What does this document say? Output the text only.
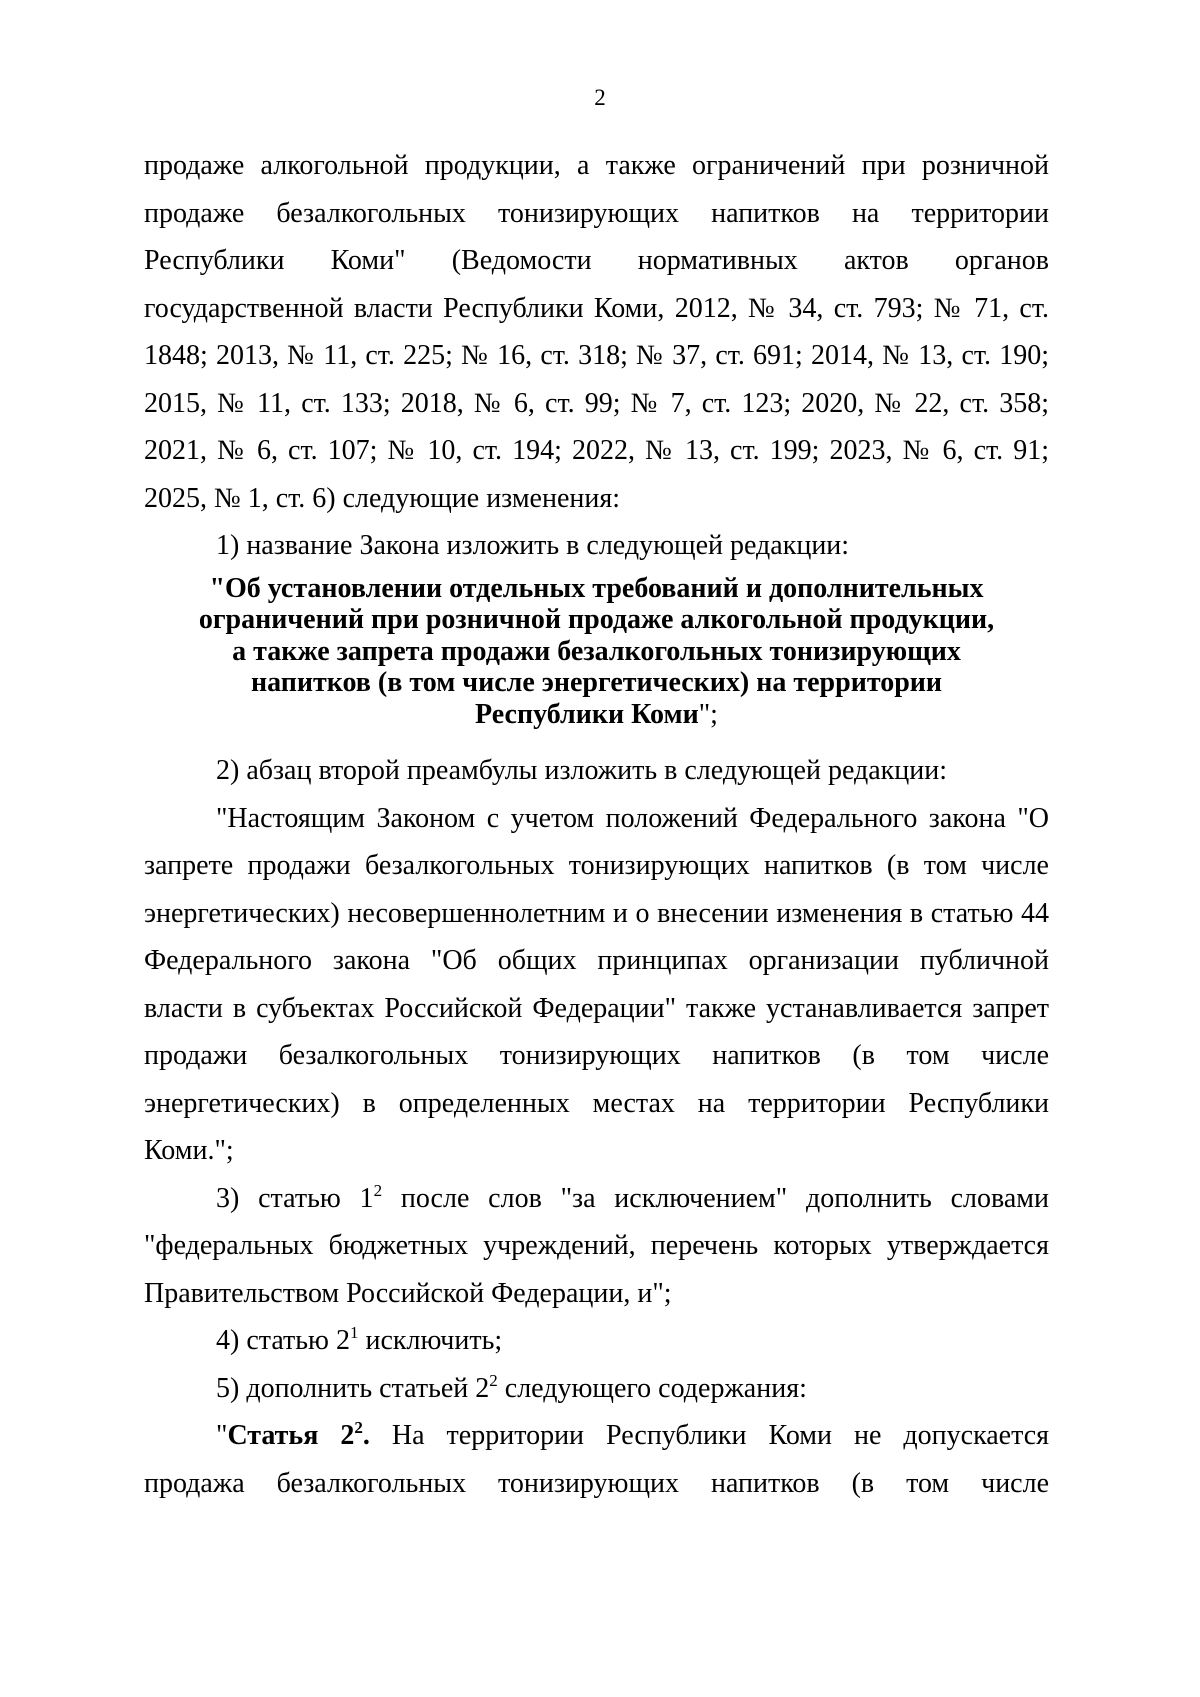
2

продаже алкогольной продукции, а также ограничений при розничной продаже безалкогольных тонизирующих напитков на территории Республики Коми" (Ведомости нормативных актов органов государственной власти Республики Коми, 2012, № 34, ст. 793; № 71, ст. 1848; 2013, № 11, ст. 225; № 16, ст. 318; № 37, ст. 691; 2014, № 13, ст. 190; 2015, № 11, ст. 133; 2018, № 6, ст. 99; № 7, ст. 123; 2020, № 22, ст. 358; 2021, № 6, ст. 107; № 10, ст. 194; 2022, № 13, ст. 199; 2023, № 6, ст. 91; 2025, № 1, ст. 6) следующие изменения:

1) название Закона изложить в следующей редакции:

"Об установлении отдельных требований и дополнительных
ограничений при розничной продаже алкогольной продукции,
а также запрета продажи безалкогольных тонизирующих
напитков (в том числе энергетических) на территории
Республики Коми";

2) абзац второй преамбулы изложить в следующей редакции:

"Настоящим Законом с учетом положений Федерального закона "О запрете продажи безалкогольных тонизирующих напитков (в том числе энергетических) несовершеннолетним и о внесении изменения в статью 44 Федерального закона "Об общих принципах организации публичной власти в субъектах Российской Федерации" также устанавливается запрет продажи безалкогольных тонизирующих напитков (в том числе энергетических) в определенных местах на территории Республики Коми.";

3) статью $1^2$ после слов "за исключением" дополнить словами "федеральных бюджетных учреждений, перечень которых утверждается Правительством Российской Федерации, и";

4) статью $2^1$ исключить;

5) дополнить статьей $2^2$ следующего содержания:

"Статья $2^2$. На территории Республики Коми не допускается продажа безалкогольных тонизирующих напитков (в том числе
